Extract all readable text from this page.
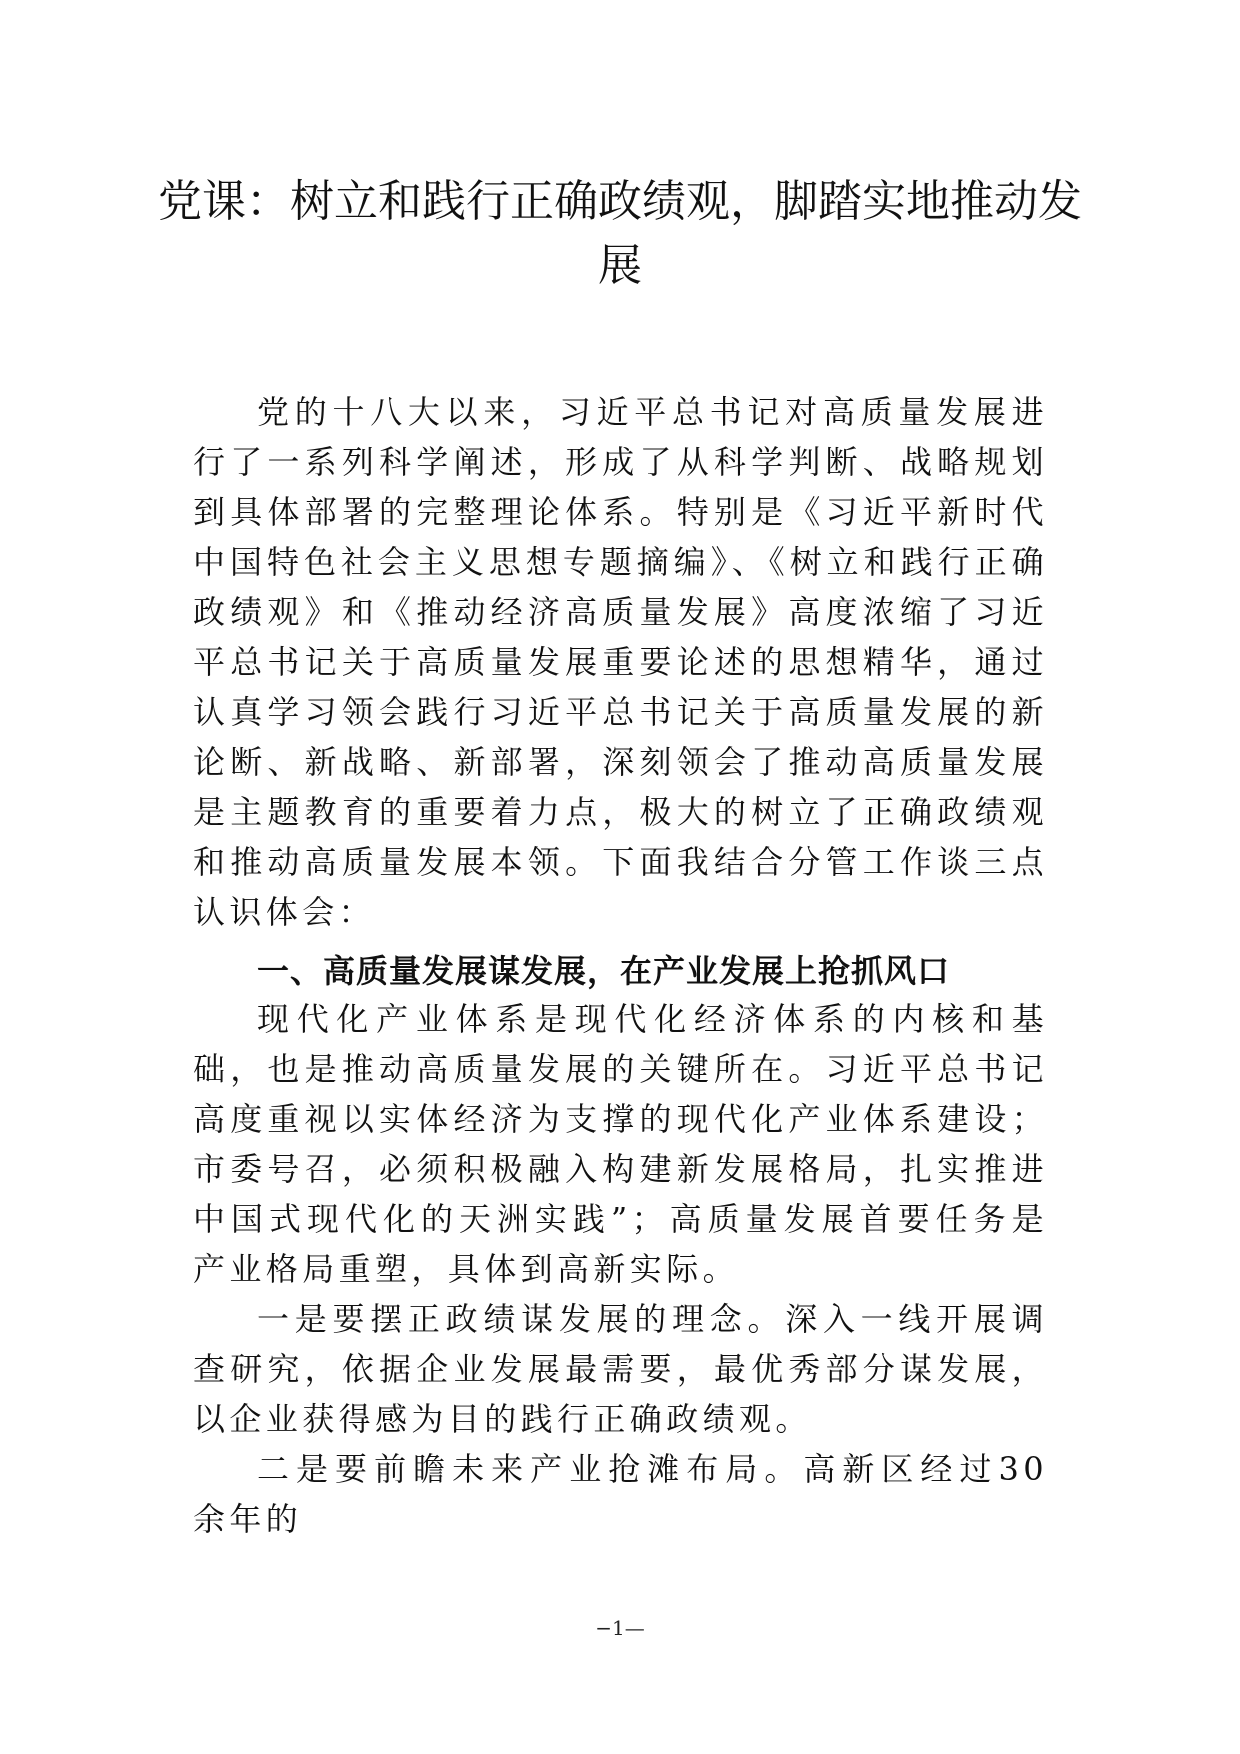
党课：树立和践行正确政绩观，脚踏实地推动发展

党的十八大以来，习近平总书记对高质量发展进行了一系列科学阐述，形成了从科学判断、战略规划到具体部署的完整理论体系。特别是《习近平新时代中国特色社会主义思想专题摘编》、《树立和践行正确政绩观》和《推动经济高质量发展》高度浓缩了习近平总书记关于高质量发展重要论述的思想精华，通过认真学习领会践行习近平总书记关于高质量发展的新论断、新战略、新部署，深刻领会了推动高质量发展是主题教育的重要着力点，极大的树立了正确政绩观和推动高质量发展本领。下面我结合分管工作谈三点认识体会：

一、高质量发展谋发展，在产业发展上抢抓风口

现代化产业体系是现代化经济体系的内核和基础，也是推动高质量发展的关键所在。习近平总书记高度重视以实体经济为支撑的现代化产业体系建设；市委号召，必须积极融入构建新发展格局，扎实推进中国式现代化的天洲实践”；高质量发展首要任务是产业格局重塑，具体到高新实际。

一是要摆正政绩谋发展的理念。深入一线开展调查研究，依据企业发展最需要，最优秀部分谋发展，以企业获得感为目的践行正确政绩观。

二是要前瞻未来产业抢滩布局。高新区经过30 余年的

−1—
